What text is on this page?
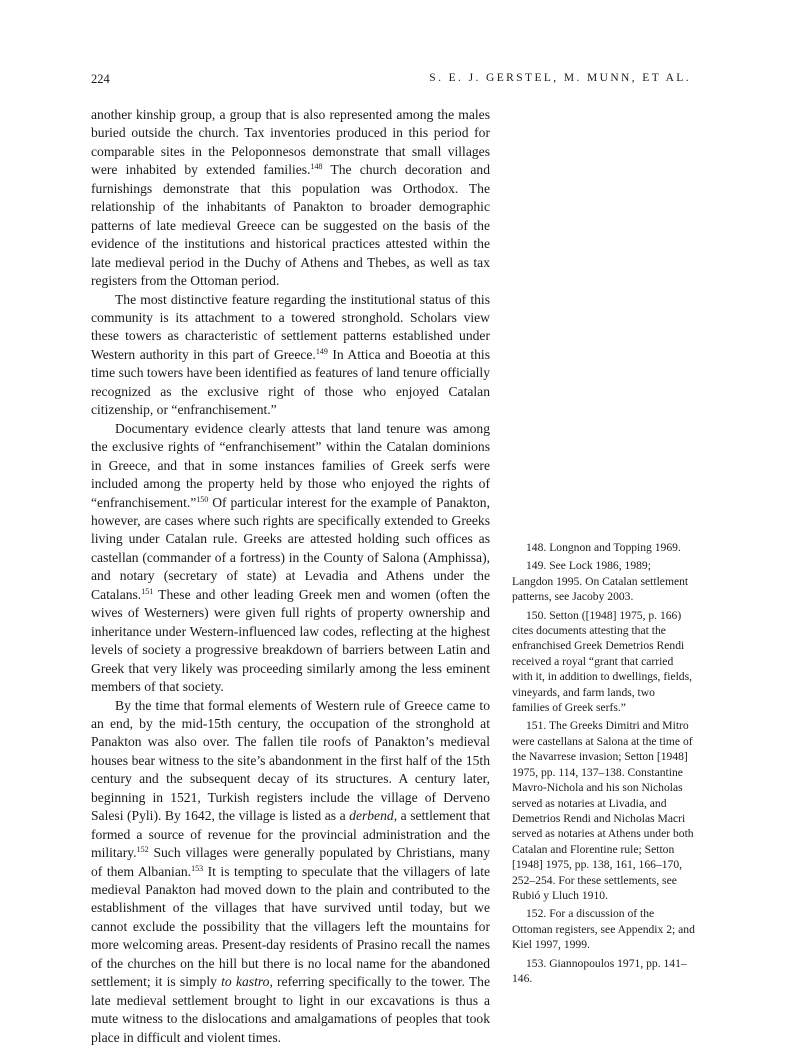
224	S. E. J. GERSTEL, M. MUNN, ET AL.

another kinship group, a group that is also represented among the males buried outside the church. Tax inventories produced in this period for comparable sites in the Peloponnesos demonstrate that small villages were inhabited by extended families.$^{148}$ The church decoration and furnishings demonstrate that this population was Orthodox. The relationship of the inhabitants of Panakton to broader demographic patterns of late medieval Greece can be suggested on the basis of the evidence of the institutions and historical practices attested within the late medieval period in the Duchy of Athens and Thebes, as well as tax registers from the Ottoman period.

The most distinctive feature regarding the institutional status of this community is its attachment to a towered stronghold. Scholars view these towers as characteristic of settlement patterns established under Western authority in this part of Greece.$^{149}$ In Attica and Boeotia at this time such towers have been identified as features of land tenure officially recognized as the exclusive right of those who enjoyed Catalan citizenship, or “enfranchisement.”

Documentary evidence clearly attests that land tenure was among the exclusive rights of “enfranchisement” within the Catalan dominions in Greece, and that in some instances families of Greek serfs were included among the property held by those who enjoyed the rights of “enfranchisement.”$^{150}$ Of particular interest for the example of Panakton, however, are cases where such rights are specifically extended to Greeks living under Catalan rule. Greeks are attested holding such offices as castellan (commander of a fortress) in the County of Salona (Amphissa), and notary (secretary of state) at Levadia and Athens under the Catalans.$^{151}$ These and other leading Greek men and women (often the wives of Westerners) were given full rights of property ownership and inheritance under Western-influenced law codes, reflecting at the highest levels of society a progressive breakdown of barriers between Latin and Greek that very likely was proceeding similarly among the less eminent members of that society.

By the time that formal elements of Western rule of Greece came to an end, by the mid-15th century, the occupation of the stronghold at Panakton was also over. The fallen tile roofs of Panakton’s medieval houses bear witness to the site’s abandonment in the first half of the 15th century and the subsequent decay of its structures. A century later, beginning in 1521, Turkish registers include the village of Derveno Salesi (Pyli). By 1642, the village is listed as a derbend, a settlement that formed a source of revenue for the provincial administration and the military.$^{152}$ Such villages were generally populated by Christians, many of them Albanian.$^{153}$ It is tempting to speculate that the villagers of late medieval Panakton had moved down to the plain and contributed to the establishment of the villages that have survived until today, but we cannot exclude the possibility that the villagers left the mountains for more welcoming areas. Present-day residents of Prasino recall the names of the churches on the hill but there is no local name for the abandoned settlement; it is simply to kastro, referring specifically to the tower. The late medieval settlement brought to light in our excavations is thus a mute witness to the dislocations and amalgamations of peoples that took place in difficult and violent times.

148. Longnon and Topping 1969.

149. See Lock 1986, 1989; Langdon 1995. On Catalan settlement patterns, see Jacoby 2003.

150. Setton ([1948] 1975, p. 166) cites documents attesting that the enfranchised Greek Demetrios Rendi received a royal “grant that carried with it, in addition to dwellings, fields, vineyards, and farm lands, two families of Greek serfs.”

151. The Greeks Dimitri and Mitro were castellans at Salona at the time of the Navarrese invasion; Setton [1948] 1975, pp. 114, 137–138. Constantine Mavro-Nichola and his son Nicholas served as notaries at Livadia, and Demetrios Rendi and Nicholas Macri served as notaries at Athens under both Catalan and Florentine rule; Setton [1948] 1975, pp. 138, 161, 166–170, 252–254. For these settlements, see Rubió y Lluch 1910.

152. For a discussion of the Ottoman registers, see Appendix 2; and Kiel 1997, 1999.

153. Giannopoulos 1971, pp. 141–146.
